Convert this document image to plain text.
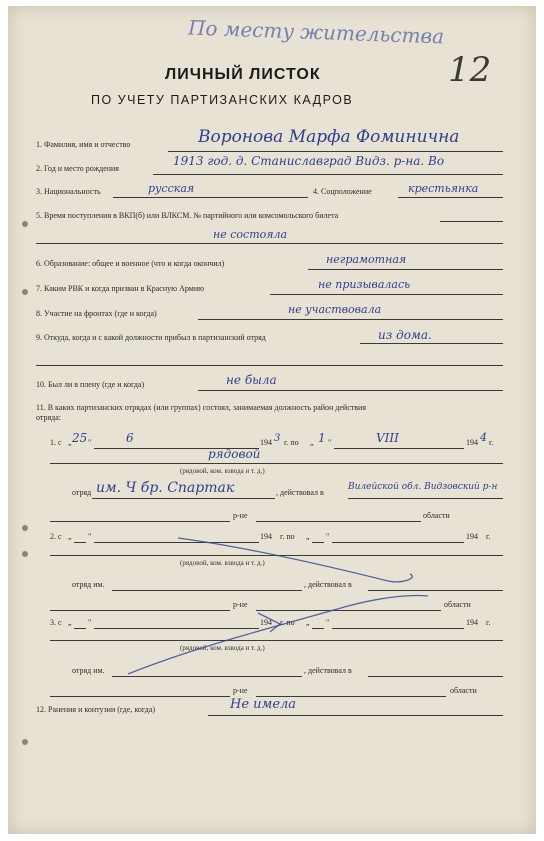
По месту жительства
12
ЛИЧНЫЙ ЛИСТОК
ПО УЧЕТУ ПАРТИЗАНСКИХ КАДРОВ
1. Фамилия, имя и отчество	Воронова Марфа Фоминична
2. Год и место рождения
1913 год. д. Станиславград Видз. р-на. Во
3. Национальность	русская	4. Соцположение	крестьянка
5. Время поступления в ВКП(б) или ВЛКСМ. № партийного или комсомольского билета
не состояла
6. Образование: общее и военное (что и когда окончил)	неграмотная
7. Каким РВК и когда призван в Красную Армию	не призывалась
8. Участие на фронтах (где и когда)	не участвовала
9. Откуда, когда и с какой должности прибыл в партизанский отряд	из дома.
10. Был ли в плену (где и когда)	не была
11. В каких партизанских отрядах (или группах) состоял, занимаемая должность район действия
отряда:
1. с „ 25 "	6	194 3 г. по „ 1 "	VIII	194 4 г.
рядовой
(рядовой, ком. взвода и т. д.)
отряд им. Ч бр. Спартак	, действовал в
Вилейской обл. Видзовский р-н
р-не	области
2. с „ "	194 г. по „ "	194 г.
(рядовой, ком. взвода и т. д.)
отряд им.	, действовал в
р-не	области
3. с „ "	194 г. по „ "	194 г.
(рядовой, ком. взвода и т. д.)
отряд им.	, действовал в
р-не	области
12. Ранения и контузии (где, когда)	Не имела
